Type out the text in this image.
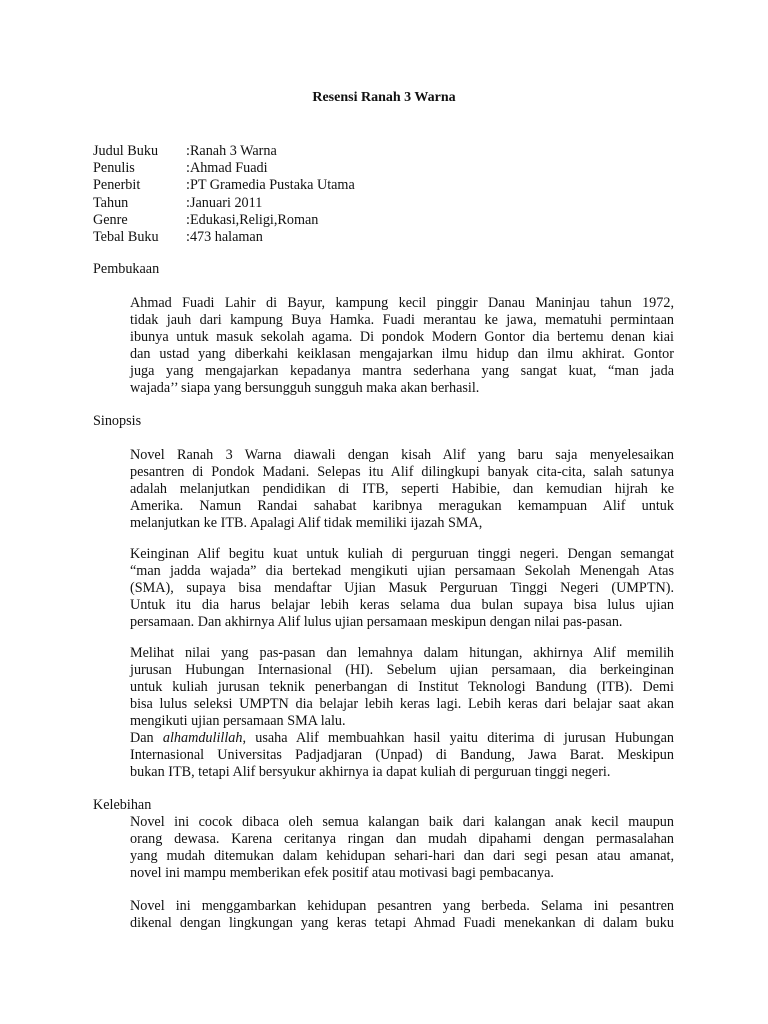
Resensi Ranah 3 Warna
Judul Buku :Ranah 3 Warna
Penulis	:Ahmad Fuadi
Penerbit	:PT Gramedia Pustaka Utama
Tahun	:Januari 2011
Genre	:Edukasi,Religi,Roman
Tebal Buku :473 halaman
Pembukaan
Ahmad Fuadi Lahir di Bayur, kampung kecil pinggir Danau Maninjau tahun 1972,
tidak jauh dari kampung Buya Hamka. Fuadi merantau ke jawa, mematuhi permintaan
ibunya untuk masuk sekolah agama. Di pondok Modern Gontor dia bertemu denan kiai
dan ustad yang diberkahi keiklasan mengajarkan ilmu hidup dan ilmu akhirat. Gontor
juga yang mengajarkan kepadanya mantra sederhana yang sangat kuat, “man jada
wajada’’ siapa yang bersungguh sungguh maka akan berhasil.
Sinopsis
Novel Ranah 3 Warna diawali dengan kisah Alif yang baru saja menyelesaikan
pesantren di Pondok Madani. Selepas itu Alif dilingkupi banyak cita-cita, salah satunya
adalah melanjutkan pendidikan di ITB, seperti Habibie, dan kemudian hijrah ke
Amerika. Namun Randai sahabat karibnya meragukan kemampuan Alif untuk
melanjutkan ke ITB. Apalagi Alif tidak memiliki ijazah SMA,
Keinginan Alif begitu kuat untuk kuliah di perguruan tinggi negeri. Dengan semangat
“man jadda wajada” dia bertekad mengikuti ujian persamaan Sekolah Menengah Atas
(SMA), supaya bisa mendaftar Ujian Masuk Perguruan Tinggi Negeri (UMPTN).
Untuk itu dia harus belajar lebih keras selama dua bulan supaya bisa lulus ujian
persamaan. Dan akhirnya Alif lulus ujian persamaan meskipun dengan nilai pas-pasan.
Melihat nilai yang pas-pasan dan lemahnya dalam hitungan, akhirnya Alif memilih
jurusan Hubungan Internasional (HI). Sebelum ujian persamaan, dia berkeinginan
untuk kuliah jurusan teknik penerbangan di Institut Teknologi Bandung (ITB). Demi
bisa lulus seleksi UMPTN dia belajar lebih keras lagi. Lebih keras dari belajar saat akan
mengikuti ujian persamaan SMA lalu.
Dan alhamdulillah, usaha Alif membuahkan hasil yaitu diterima di jurusan Hubungan
Internasional Universitas Padjadjaran (Unpad) di Bandung, Jawa Barat. Meskipun
bukan ITB, tetapi Alif bersyukur akhirnya ia dapat kuliah di perguruan tinggi negeri.
Kelebihan
Novel ini cocok dibaca oleh semua kalangan baik dari kalangan anak kecil maupun
orang dewasa. Karena ceritanya ringan dan mudah dipahami dengan permasalahan
yang mudah ditemukan dalam kehidupan sehari-hari dan dari segi pesan atau amanat,
novel ini mampu memberikan efek positif atau motivasi bagi pembacanya.
Novel ini menggambarkan kehidupan pesantren yang berbeda. Selama ini pesantren
dikenal dengan lingkungan yang keras tetapi Ahmad Fuadi menekankan di dalam buku
